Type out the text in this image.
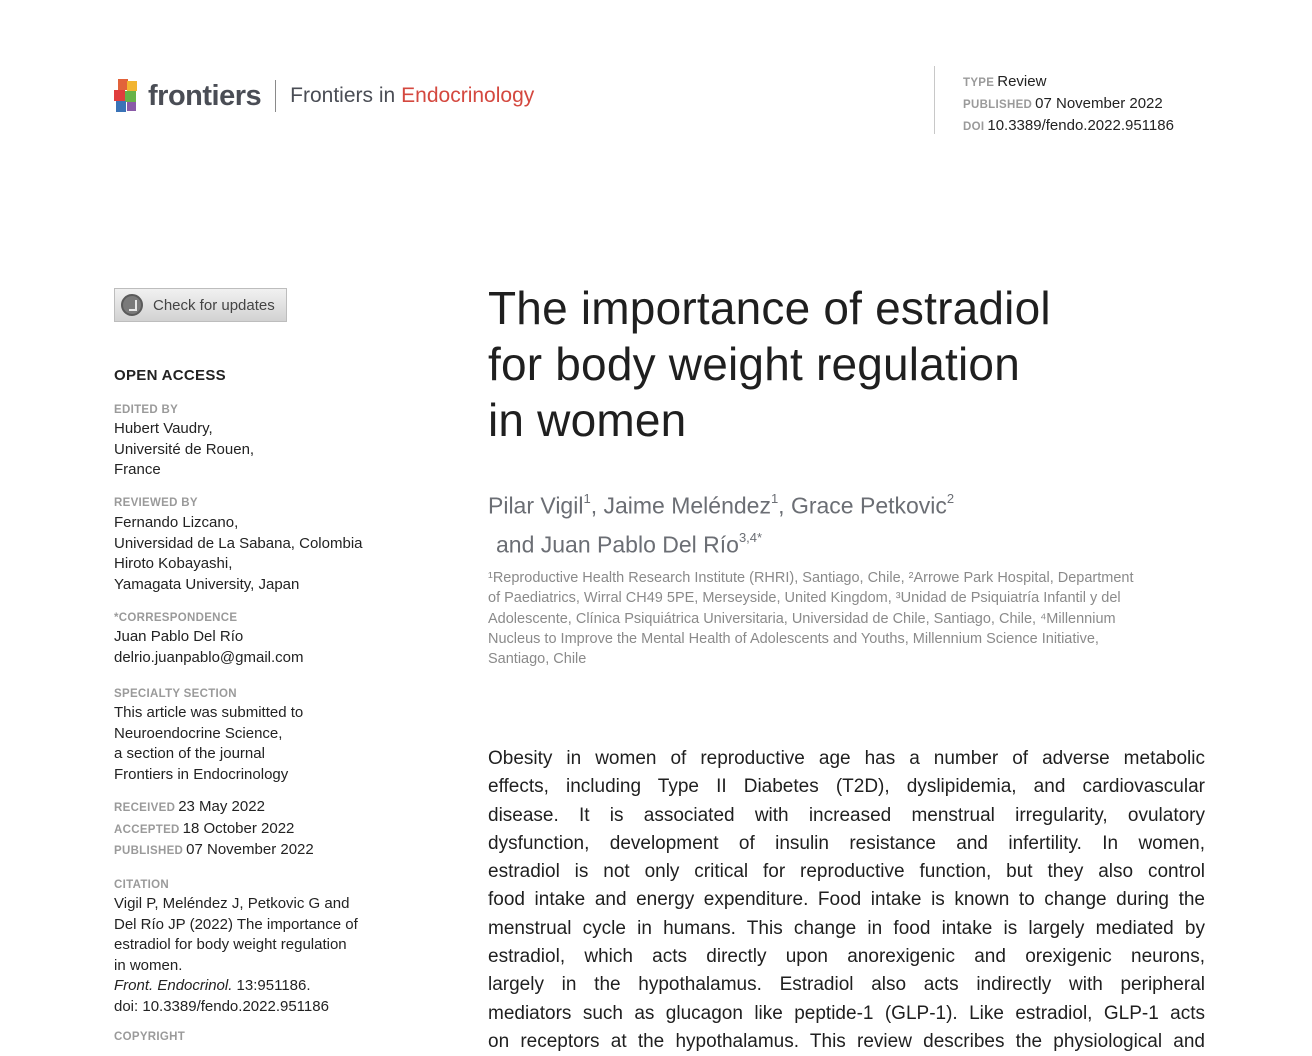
frontiers Frontiers in Endocrinology
TYPE Review
PUBLISHED 07 November 2022
DOI 10.3389/fendo.2022.951186
Check for updates
OPEN ACCESS
EDITED BY
Hubert Vaudry,
Université de Rouen,
France
REVIEWED BY
Fernando Lizcano,
Universidad de La Sabana, Colombia
Hiroto Kobayashi,
Yamagata University, Japan
*CORRESPONDENCE
Juan Pablo Del Río
delrio.juanpablo@gmail.com
SPECIALTY SECTION
This article was submitted to
Neuroendocrine Science,
a section of the journal
Frontiers in Endocrinology
RECEIVED 23 May 2022
ACCEPTED 18 October 2022
PUBLISHED 07 November 2022
CITATION
Vigil P, Meléndez J, Petkovic G and
Del Río JP (2022) The importance of
estradiol for body weight regulation
in women.
Front. Endocrinol. 13:951186.
doi: 10.3389/fendo.2022.951186
COPYRIGHT
The importance of estradiol
for body weight regulation
in women
Pilar Vigil$^1$, Jaime Meléndez$^1$, Grace Petkovic$^2$
and Juan Pablo Del Río$^{3,4*}$
¹Reproductive Health Research Institute (RHRI), Santiago, Chile, ²Arrowe Park Hospital, Department
of Paediatrics, Wirral CH49 5PE, Merseyside, United Kingdom, ³Unidad de Psiquiatría Infantil y del
Adolescente, Clínica Psiquiátrica Universitaria, Universidad de Chile, Santiago, Chile, ⁴Millennium
Nucleus to Improve the Mental Health of Adolescents and Youths, Millennium Science Initiative,
Santiago, Chile
Obesity in women of reproductive age has a number of adverse metabolic
effects, including Type II Diabetes (T2D), dyslipidemia, and cardiovascular
disease. It is associated with increased menstrual irregularity, ovulatory
dysfunction, development of insulin resistance and infertility. In women,
estradiol is not only critical for reproductive function, but they also control
food intake and energy expenditure. Food intake is known to change during the
menstrual cycle in humans. This change in food intake is largely mediated by
estradiol, which acts directly upon anorexigenic and orexigenic neurons,
largely in the hypothalamus. Estradiol also acts indirectly with peripheral
mediators such as glucagon like peptide-1 (GLP-1). Like estradiol, GLP-1 acts
on receptors at the hypothalamus. This review describes the physiological and
